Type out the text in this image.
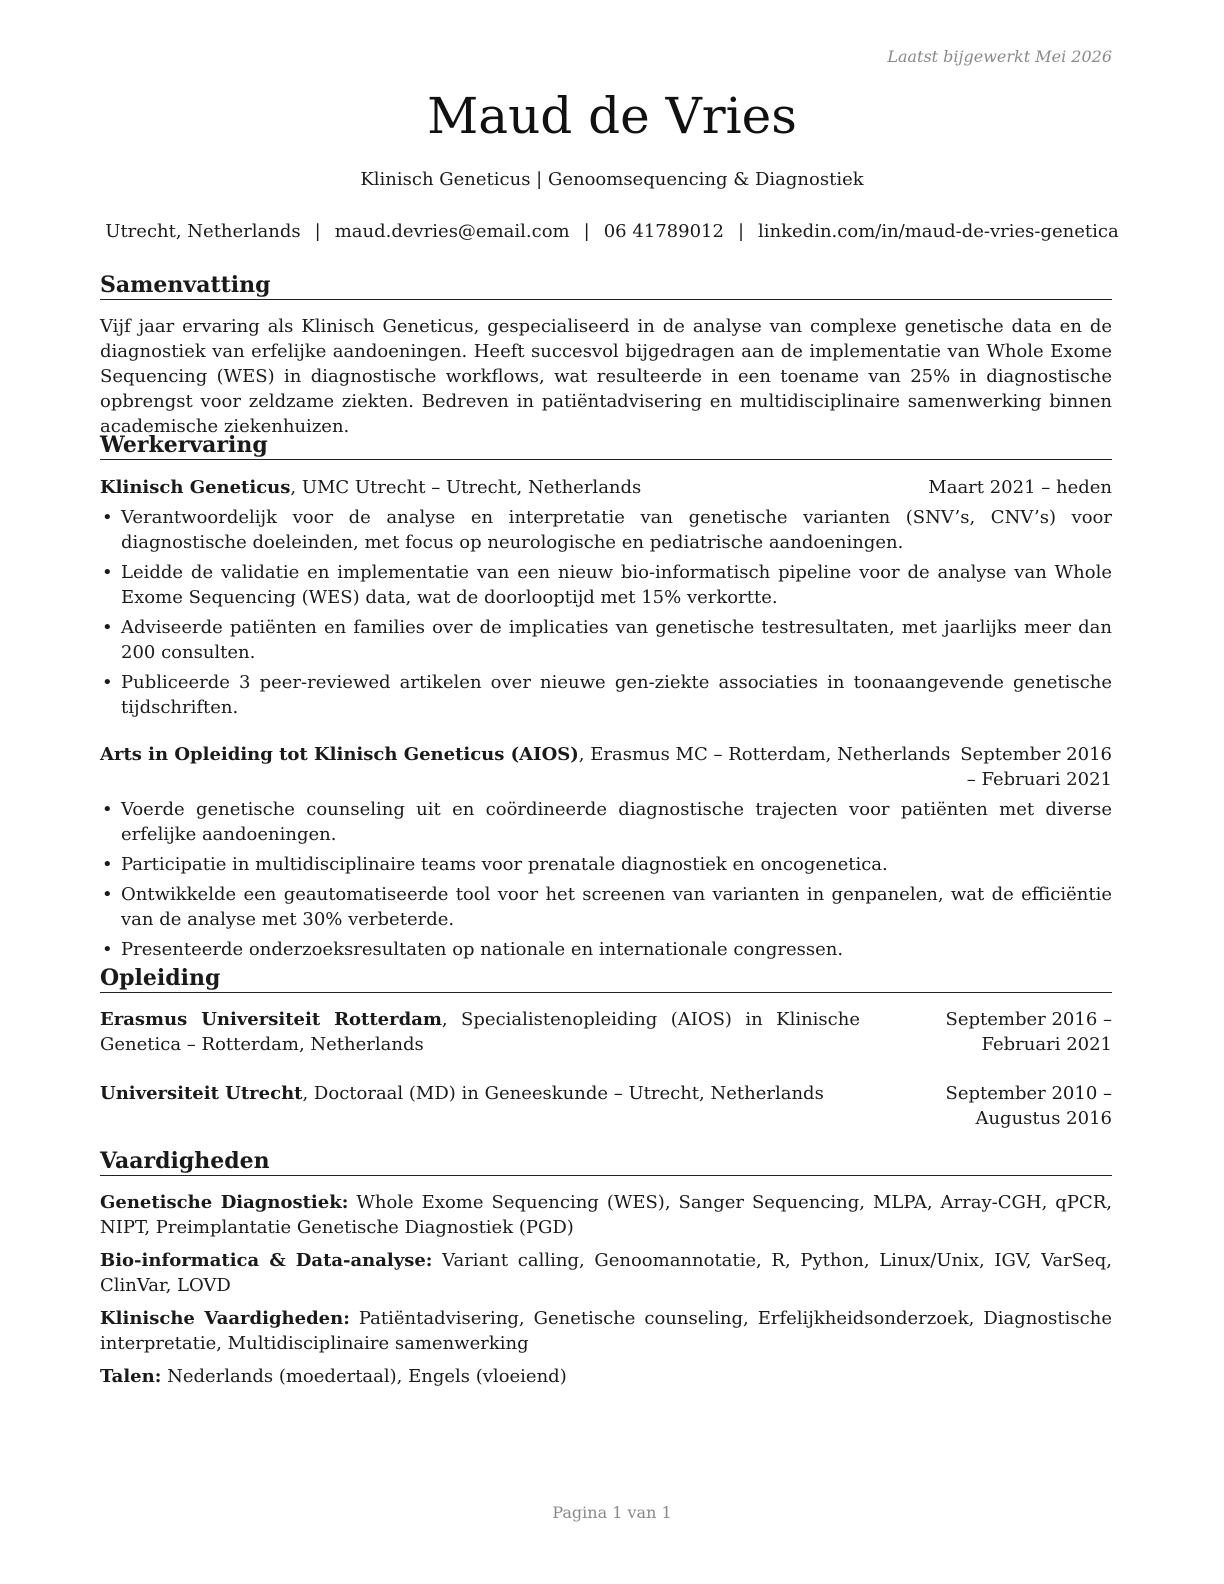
Laatst bijgewerkt Mei 2026
Maud de Vries
Klinisch Geneticus | Genoomsequencing & Diagnostiek
Utrecht, Netherlands | maud.devries@email.com | 06 41789012 | linkedin.com/in/maud-de-vries-genetica
Samenvatting
Vijf jaar ervaring als Klinisch Geneticus, gespecialiseerd in de analyse van complexe genetische data en de diagnostiek van erfelijke aandoeningen. Heeft succesvol bijgedragen aan de implementatie van Whole Exome Sequencing (WES) in diagnostische workflows, wat resulteerde in een toename van 25% in diagnostische opbrengst voor zeldzame ziekten. Bedreven in patiëntadvisering en multidisciplinaire samenwerking binnen academische ziekenhuizen.
Werkervaring
Klinisch Geneticus, UMC Utrecht – Utrecht, Netherlands	Maart 2021 – heden
• Verantwoordelijk voor de analyse en interpretatie van genetische varianten (SNV’s, CNV’s) voor diagnostische doeleinden, met focus op neurologische en pediatrische aandoeningen.
• Leidde de validatie en implementatie van een nieuw bio-informatisch pipeline voor de analyse van Whole Exome Sequencing (WES) data, wat de doorlooptijd met 15% verkortte.
• Adviseerde patiënten en families over de implicaties van genetische testresultaten, met jaarlijks meer dan 200 consulten.
• Publiceerde 3 peer-reviewed artikelen over nieuwe gen-ziekte associaties in toonaangevende genetische tijdschriften.
Arts in Opleiding tot Klinisch Geneticus (AIOS), Erasmus MC – Rotterdam, Netherlands September 2016 – Februari 2021
• Voerde genetische counseling uit en coördineerde diagnostische trajecten voor patiënten met diverse erfelijke aandoeningen.
• Participatie in multidisciplinaire teams voor prenatale diagnostiek en oncogenetica.
• Ontwikkelde een geautomatiseerde tool voor het screenen van varianten in genpanelen, wat de efficiëntie van de analyse met 30% verbeterde.
• Presenteerde onderzoeksresultaten op nationale en internationale congressen.
Opleiding
Erasmus Universiteit Rotterdam, Specialistenopleiding (AIOS) in Klinische Genetica – Rotterdam, Netherlands
September 2016 – Februari 2021
Universiteit Utrecht, Doctoraal (MD) in Geneeskunde – Utrecht, Netherlands	September 2010 – Augustus 2016
Vaardigheden
Genetische Diagnostiek: Whole Exome Sequencing (WES), Sanger Sequencing, MLPA, Array-CGH, qPCR, NIPT, Preimplantatie Genetische Diagnostiek (PGD)
Bio-informatica & Data-analyse: Variant calling, Genoomannotatie, R, Python, Linux/Unix, IGV, VarSeq, ClinVar, LOVD
Klinische Vaardigheden: Patiëntadvisering, Genetische counseling, Erfelijkheidsonderzoek, Diagnostische interpretatie, Multidisciplinaire samenwerking
Talen: Nederlands (moedertaal), Engels (vloeiend)
Pagina 1 van 1
